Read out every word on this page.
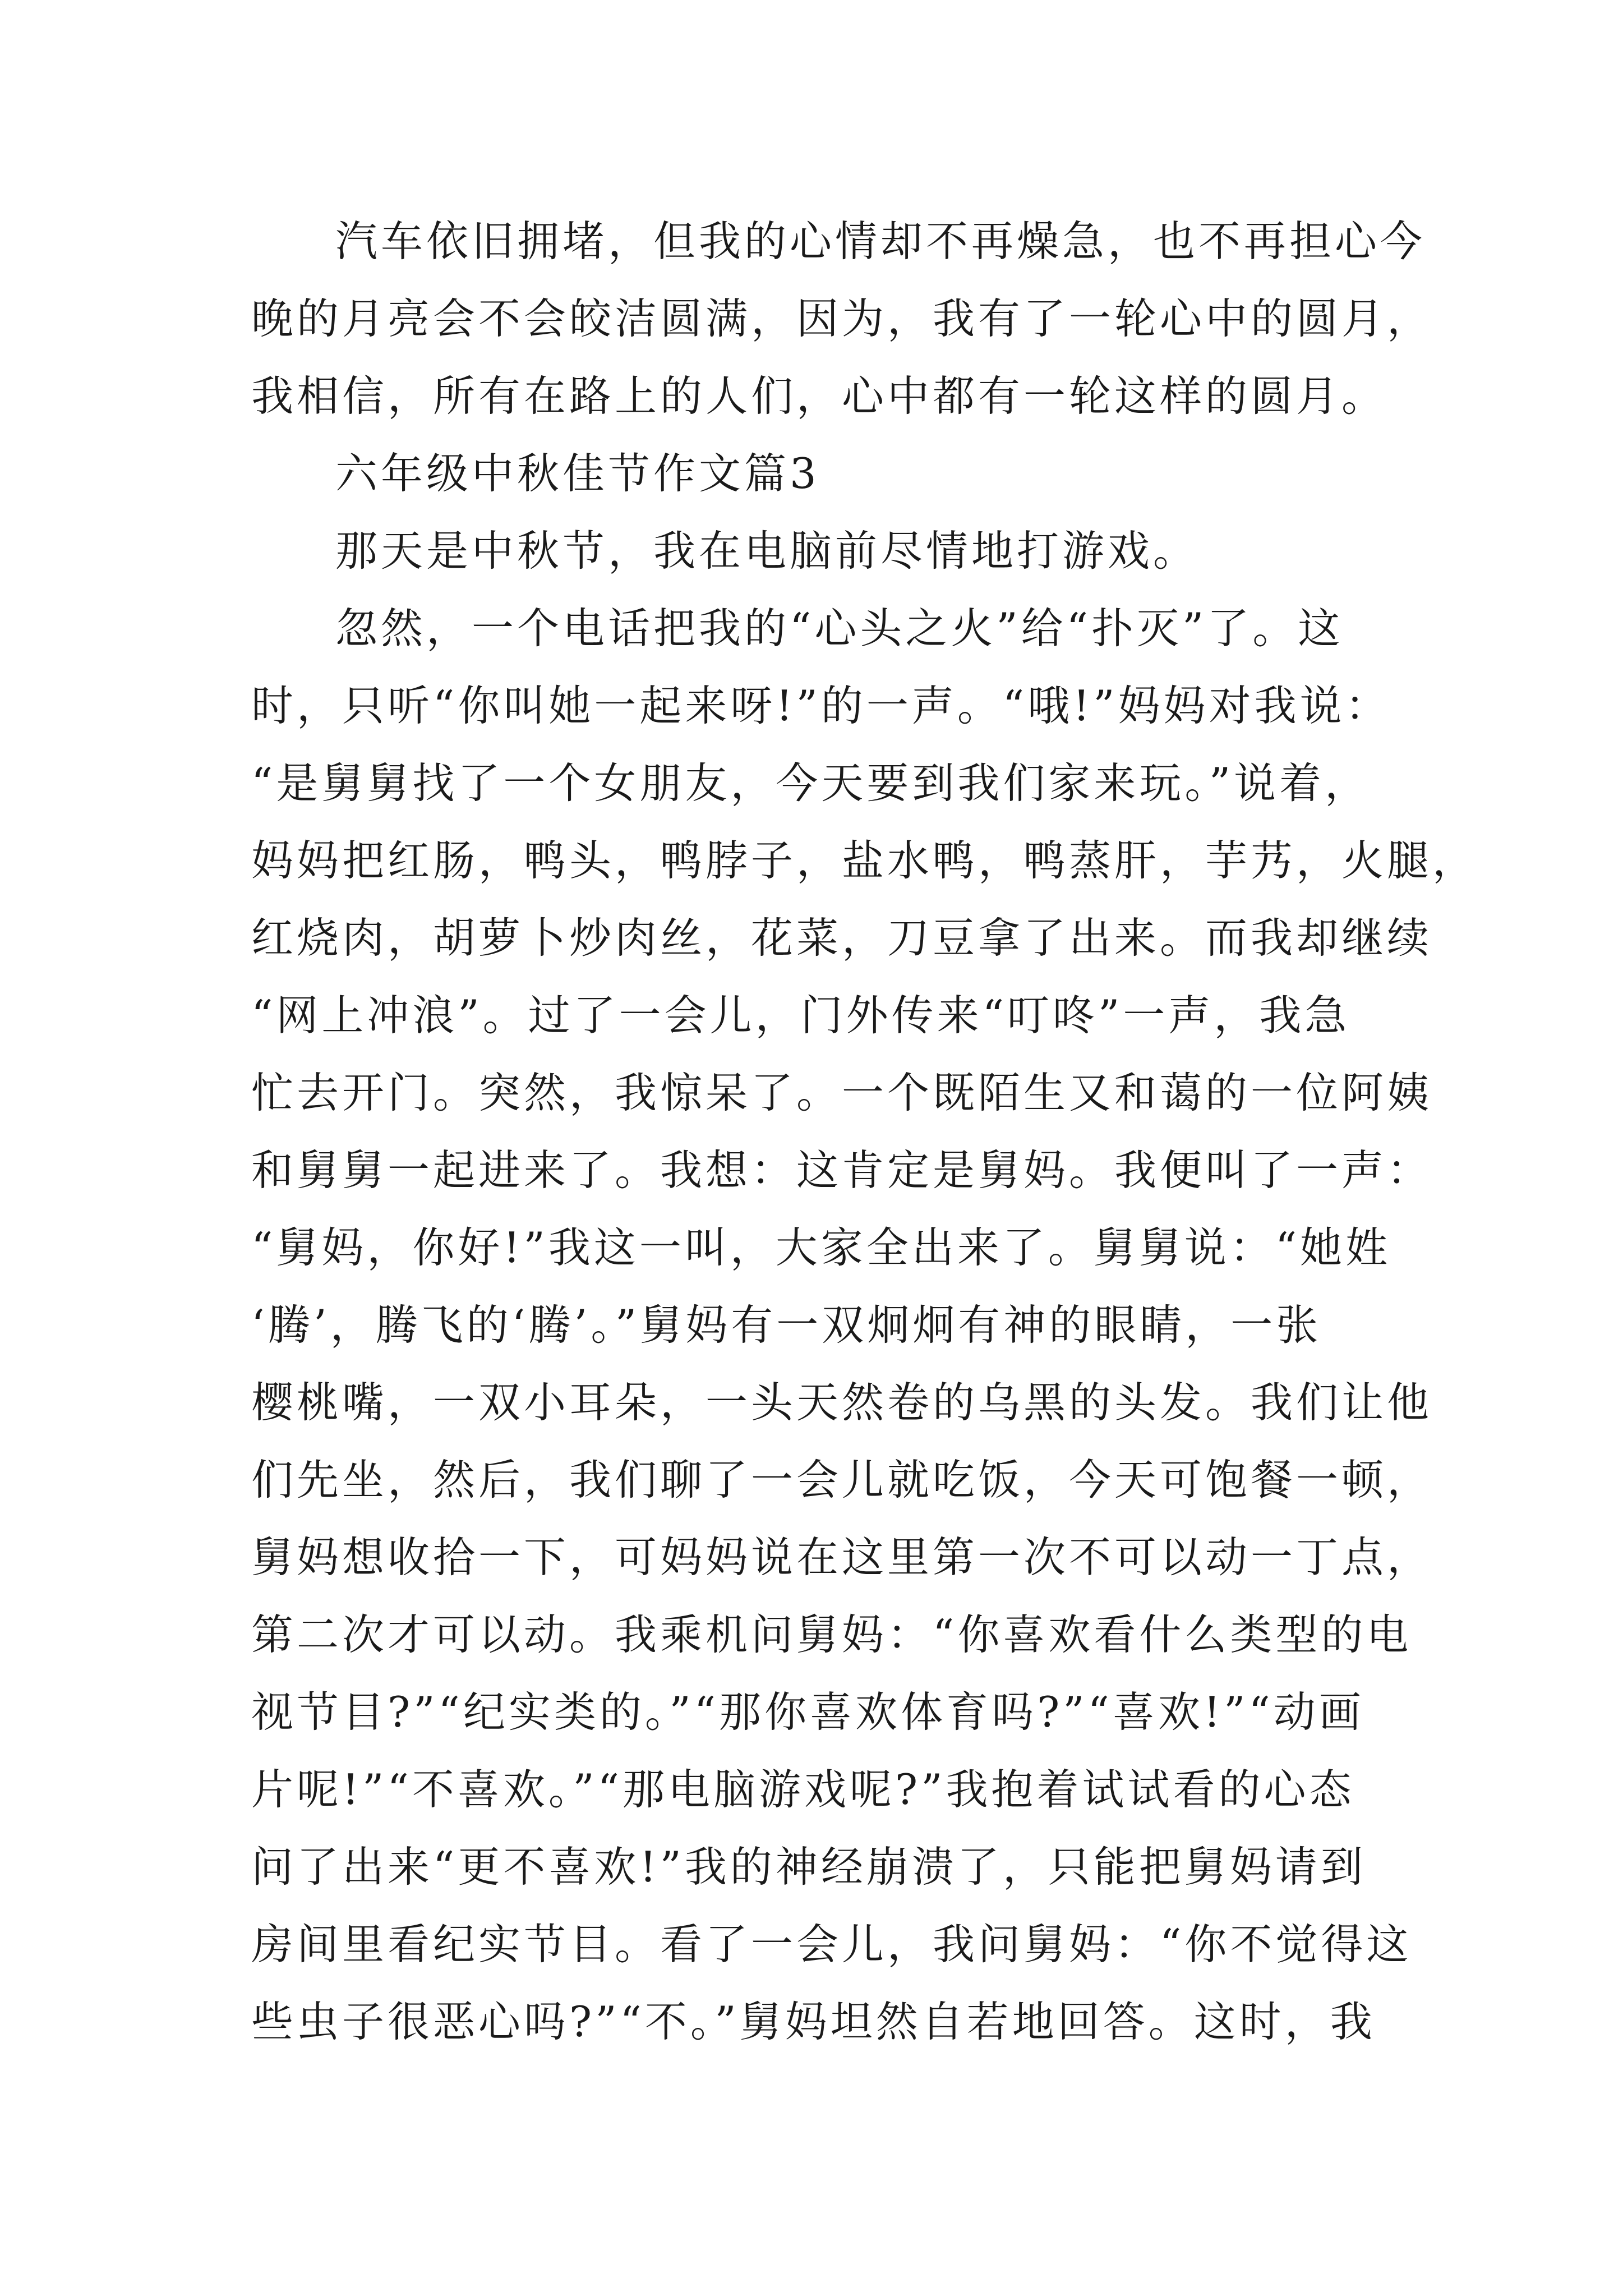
汽车依旧拥堵，但我的心情却不再燥急，也不再担心今
晚的月亮会不会皎洁圆满，因为，我有了一轮心中的圆月，
我相信，所有在路上的人们，心中都有一轮这样的圆月。
六年级中秋佳节作文篇3
那天是中秋节，我在电脑前尽情地打游戏。
忽然，一个电话把我的“心头之火”给“扑灭”了。这
时，只听“你叫她一起来呀!”的一声。“哦!”妈妈对我说：
“是舅舅找了一个女朋友，今天要到我们家来玩。”说着，
妈妈把红肠，鸭头，鸭脖子，盐水鸭，鸭蒸肝，芋艿，火腿，
红烧肉，胡萝卜炒肉丝，花菜，刀豆拿了出来。而我却继续
“网上冲浪”。过了一会儿，门外传来“叮咚”一声，我急
忙去开门。突然，我惊呆了。一个既陌生又和蔼的一位阿姨
和舅舅一起进来了。我想：这肯定是舅妈。我便叫了一声：
“舅妈，你好!”我这一叫，大家全出来了。舅舅说：“她姓
‘腾’，腾飞的‘腾’。”舅妈有一双炯炯有神的眼睛，一张
樱桃嘴，一双小耳朵，一头天然卷的乌黑的头发。我们让他
们先坐，然后，我们聊了一会儿就吃饭，今天可饱餐一顿，
舅妈想收拾一下，可妈妈说在这里第一次不可以动一丁点，
第二次才可以动。我乘机问舅妈：“你喜欢看什么类型的电
视节目?”“纪实类的。”“那你喜欢体育吗?”“喜欢!”“动画
片呢!”“不喜欢。”“那电脑游戏呢?”我抱着试试看的心态
问了出来“更不喜欢!”我的神经崩溃了，只能把舅妈请到
房间里看纪实节目。看了一会儿，我问舅妈：“你不觉得这
些虫子很恶心吗?”“不。”舅妈坦然自若地回答。这时，我
